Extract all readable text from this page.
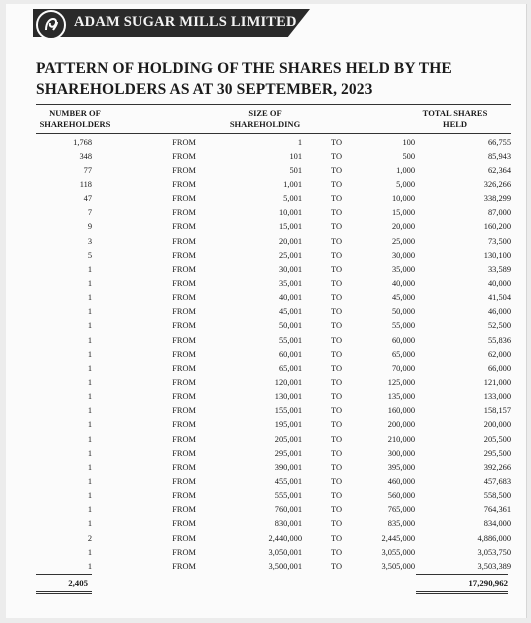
ADAM SUGAR MILLS LIMITED
PATTERN OF HOLDING OF THE SHARES HELD BY THE SHAREHOLDERS AS AT 30 SEPTEMBER, 2023
NUMBER OF
SHAREHOLDERS
SIZE OF
SHAREHOLDING
TOTAL SHARES
HELD
1,768	FROM	1	TO	100	66,755
348	FROM	101	TO	500	85,943
77	FROM	501	TO	1,000	62,364
118	FROM	1,001	TO	5,000	326,266
47	FROM	5,001	TO	10,000	338,299
7	FROM	10,001	TO	15,000	87,000
9	FROM	15,001	TO	20,000	160,200
3	FROM	20,001	TO	25,000	73,500
5	FROM	25,001	TO	30,000	130,100
1	FROM	30,001	TO	35,000	33,589
1	FROM	35,001	TO	40,000	40,000
1	FROM	40,001	TO	45,000	41,504
1	FROM	45,001	TO	50,000	46,000
1	FROM	50,001	TO	55,000	52,500
1	FROM	55,001	TO	60,000	55,836
1	FROM	60,001	TO	65,000	62,000
1	FROM	65,001	TO	70,000	66,000
1	FROM	120,001	TO	125,000	121,000
1	FROM	130,001	TO	135,000	133,000
1	FROM	155,001	TO	160,000	158,157
1	FROM	195,001	TO	200,000	200,000
1	FROM	205,001	TO	210,000	205,500
1	FROM	295,001	TO	300,000	295,500
1	FROM	390,001	TO	395,000	392,266
1	FROM	455,001	TO	460,000	457,683
1	FROM	555,001	TO	560,000	558,500
1	FROM	760,001	TO	765,000	764,361
1	FROM	830,001	TO	835,000	834,000
2	FROM	2,440,000	TO	2,445,000	4,886,000
1	FROM	3,050,001	TO	3,055,000	3,053,750
1	FROM	3,500,001	TO	3,505,000	3,503,389
2,405	17,290,962
